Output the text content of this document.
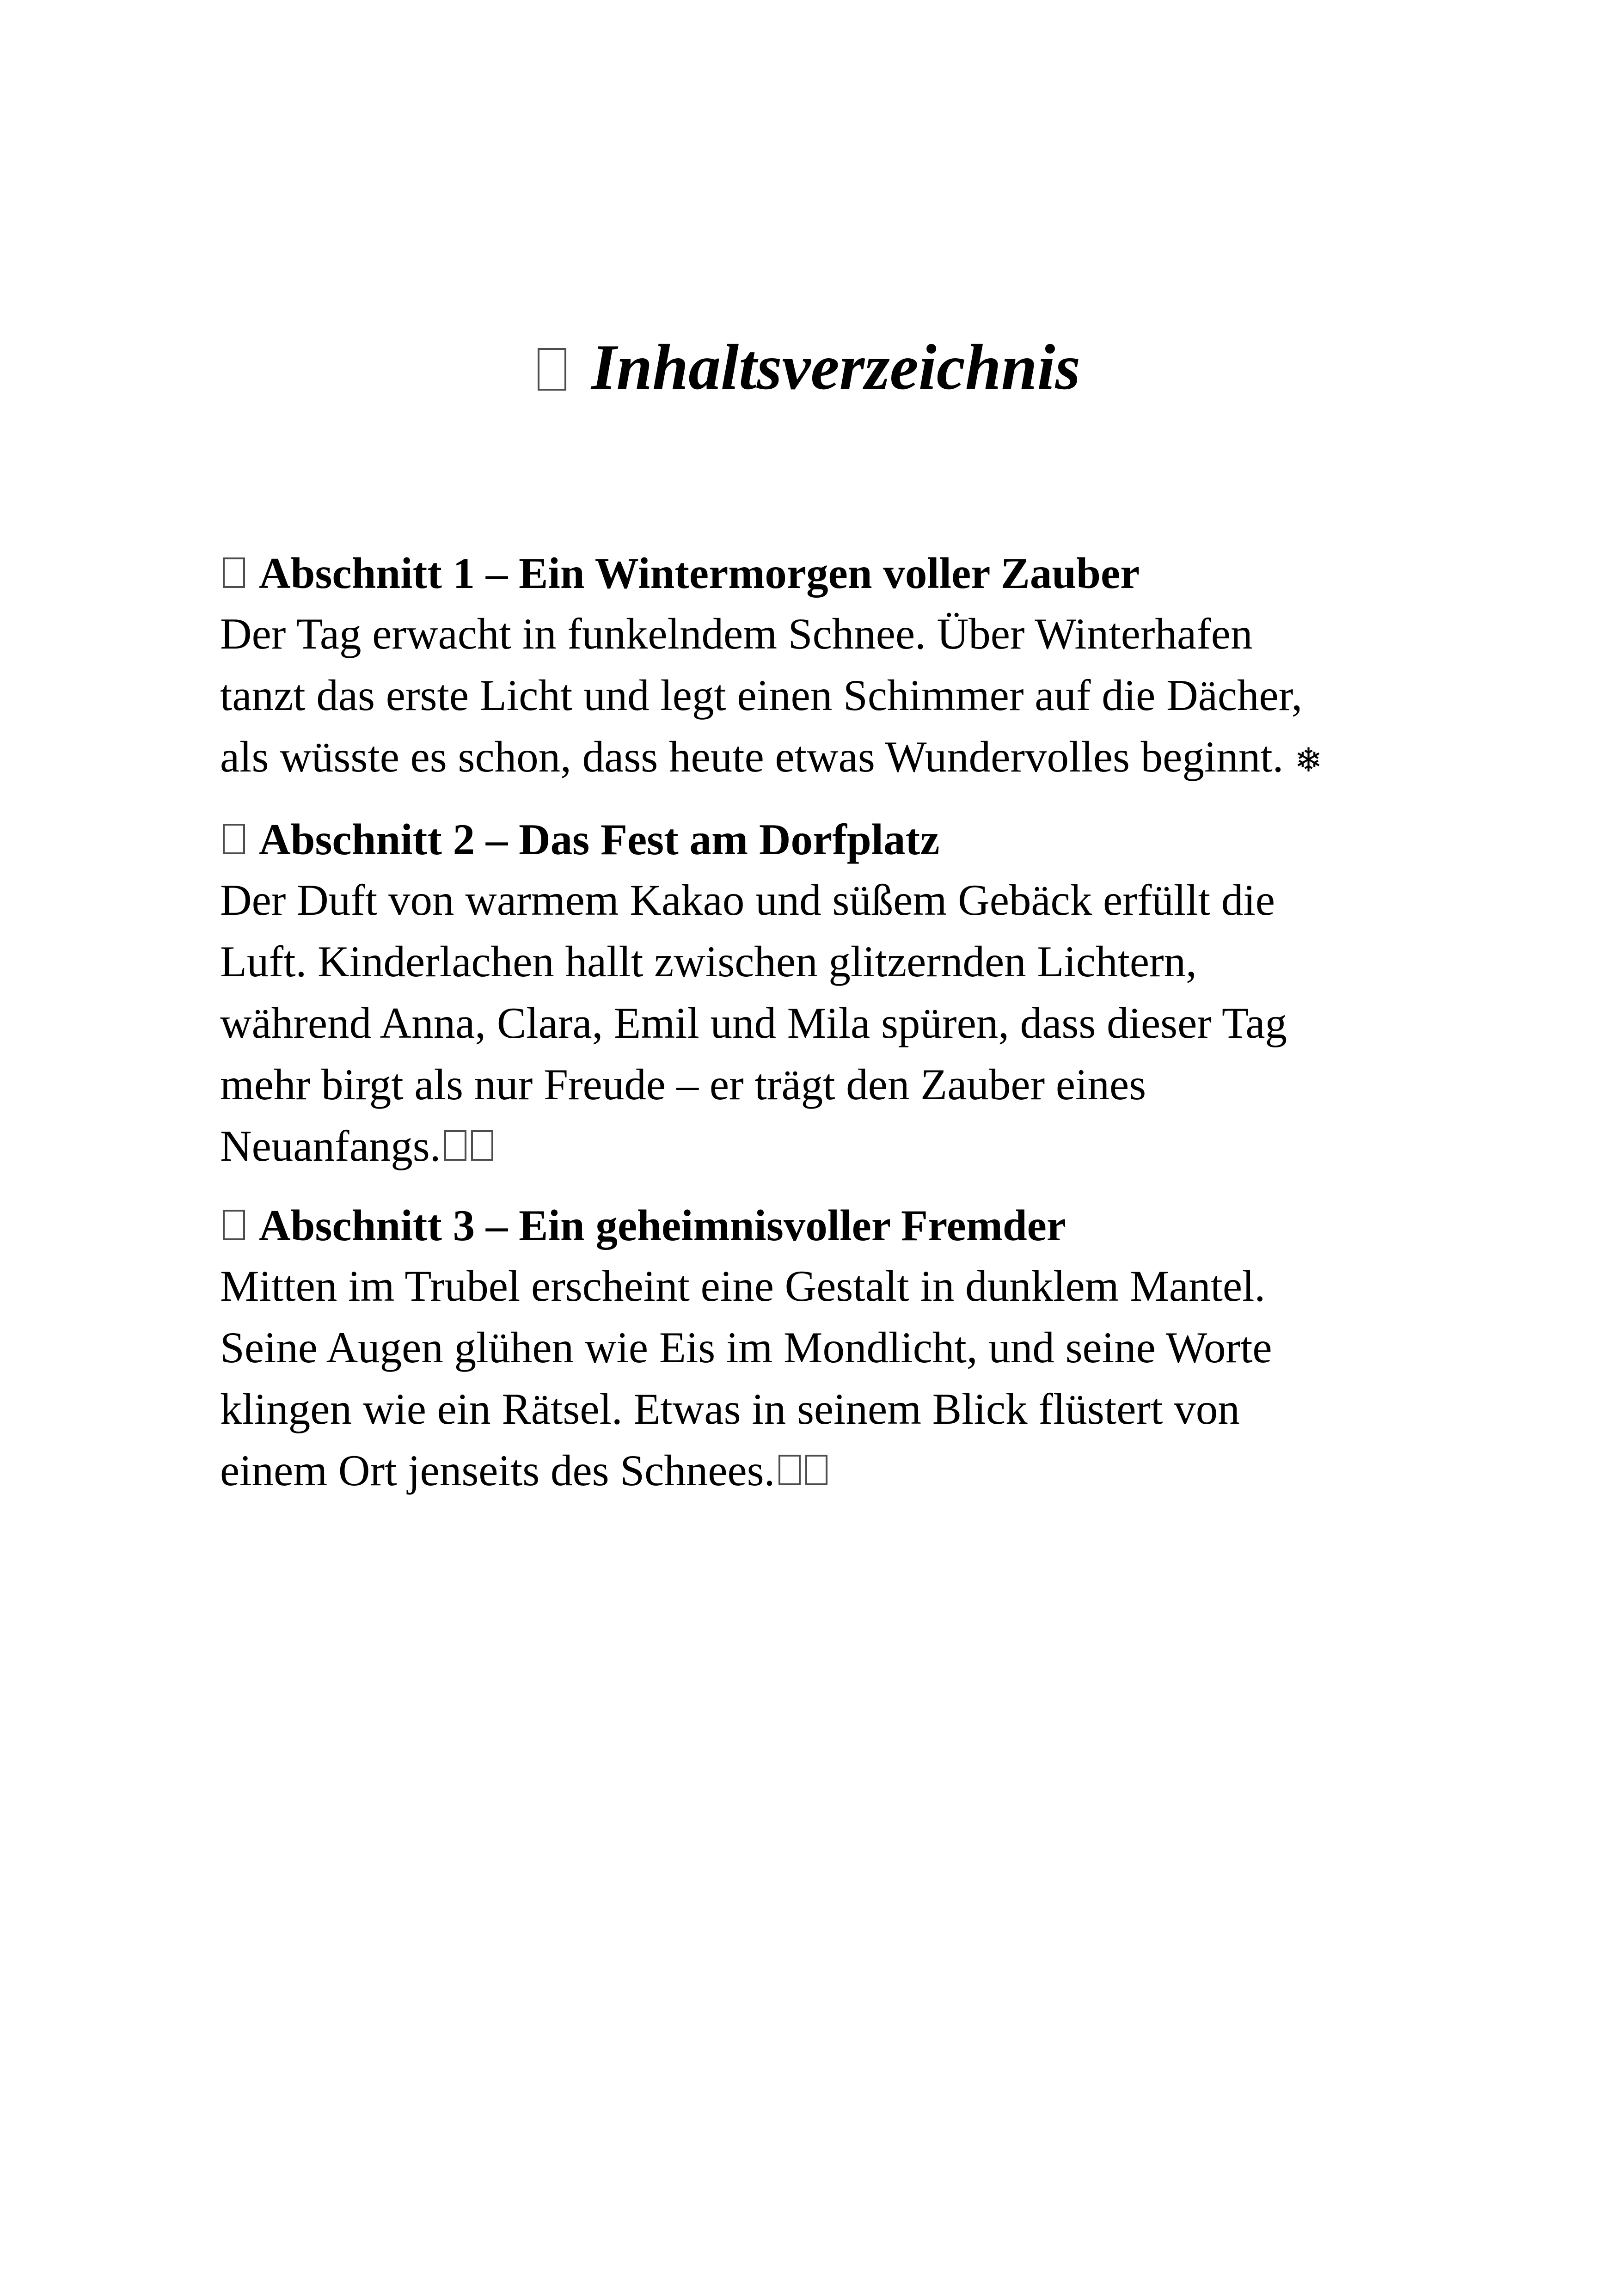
Inhaltsverzeichnis
Abschnitt 1 – Ein Wintermorgen voller Zauber
Der Tag erwacht in funkelndem Schnee. Über Winterhafen
tanzt das erste Licht und legt einen Schimmer auf die Dächer,
als wüsste es schon, dass heute etwas Wundervolles beginnt. ❄
Abschnitt 2 – Das Fest am Dorfplatz
Der Duft von warmem Kakao und süßem Gebäck erfüllt die
Luft. Kinderlachen hallt zwischen glitzernden Lichtern,
während Anna, Clara, Emil und Mila spüren, dass dieser Tag
mehr birgt als nur Freude – er trägt den Zauber eines
Neuanfangs.
Abschnitt 3 – Ein geheimnisvoller Fremder
Mitten im Trubel erscheint eine Gestalt in dunklem Mantel.
Seine Augen glühen wie Eis im Mondlicht, und seine Worte
klingen wie ein Rätsel. Etwas in seinem Blick flüstert von
einem Ort jenseits des Schnees.
